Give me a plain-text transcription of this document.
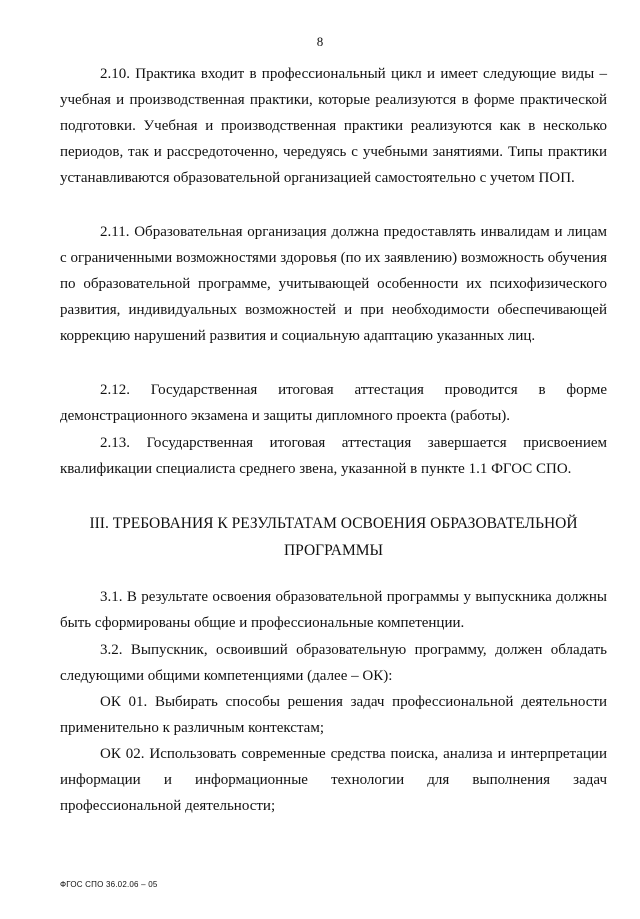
8
2.10. Практика входит в профессиональный цикл и имеет следующие виды – учебная и производственная практики, которые реализуются в форме практической подготовки. Учебная и производственная практики реализуются как в несколько периодов, так и рассредоточенно, чередуясь с учебными занятиями. Типы практики устанавливаются образовательной организацией самостоятельно с учетом ПОП.
2.11. Образовательная организация должна предоставлять инвалидам и лицам с ограниченными возможностями здоровья (по их заявлению) возможность обучения по образовательной программе, учитывающей особенности их психофизического развития, индивидуальных возможностей и при необходимости обеспечивающей коррекцию нарушений развития и социальную адаптацию указанных лиц.
2.12. Государственная итоговая аттестация проводится в форме демонстрационного экзамена и защиты дипломного проекта (работы).
2.13. Государственная итоговая аттестация завершается присвоением квалификации специалиста среднего звена, указанной в пункте 1.1 ФГОС СПО.
III. ТРЕБОВАНИЯ К РЕЗУЛЬТАТАМ ОСВОЕНИЯ ОБРАЗОВАТЕЛЬНОЙ
ПРОГРАММЫ
3.1. В результате освоения образовательной программы у выпускника должны быть сформированы общие и профессиональные компетенции.
3.2. Выпускник, освоивший образовательную программу, должен обладать следующими общими компетенциями (далее – ОК):
ОК 01. Выбирать способы решения задач профессиональной деятельности применительно к различным контекстам;
ОК 02. Использовать современные средства поиска, анализа и интерпретации информации и информационные технологии для выполнения задач профессиональной деятельности;
ФГОС СПО 36.02.06 – 05
